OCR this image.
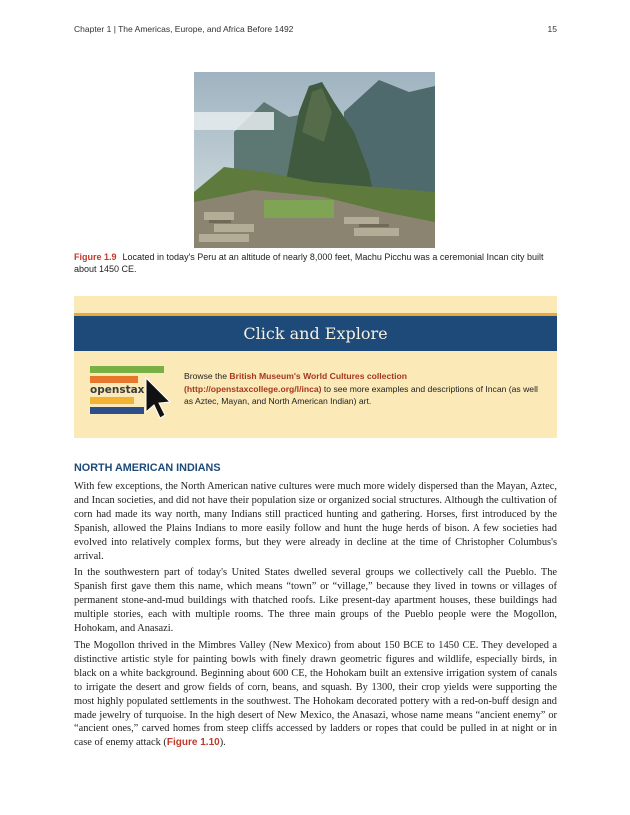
Chapter 1 | The Americas, Europe, and Africa Before 1492	15
Figure 1.9 Located in today's Peru at an altitude of nearly 8,000 feet, Machu Picchu was a ceremonial Incan city built about 1450 CE.
Click and Explore
openstax
Browse the British Museum's World Cultures collection (http://openstaxcollege.org/l/inca) to see more examples and descriptions of Incan (as well as Aztec, Mayan, and North American Indian) art.
NORTH AMERICAN INDIANS

With few exceptions, the North American native cultures were much more widely dispersed than the Mayan, Aztec, and Incan societies, and did not have their population size or organized social structures. Although the cultivation of corn had made its way north, many Indians still practiced hunting and gathering. Horses, first introduced by the Spanish, allowed the Plains Indians to more easily follow and hunt the huge herds of bison. A few societies had evolved into relatively complex forms, but they were already in decline at the time of Christopher Columbus's arrival.

In the southwestern part of today's United States dwelled several groups we collectively call the Pueblo. The Spanish first gave them this name, which means “town” or “village,” because they lived in towns or villages of permanent stone-and-mud buildings with thatched roofs. Like present-day apartment houses, these buildings had multiple stories, each with multiple rooms. The three main groups of the Pueblo people were the Mogollon, Hohokam, and Anasazi.

The Mogollon thrived in the Mimbres Valley (New Mexico) from about 150 BCE to 1450 CE. They developed a distinctive artistic style for painting bowls with finely drawn geometric figures and wildlife, especially birds, in black on a white background. Beginning about 600 CE, the Hohokam built an extensive irrigation system of canals to irrigate the desert and grow fields of corn, beans, and squash. By 1300, their crop yields were supporting the most highly populated settlements in the southwest. The Hohokam decorated pottery with a red-on-buff design and made jewelry of turquoise. In the high desert of New Mexico, the Anasazi, whose name means “ancient enemy” or “ancient ones,” carved homes from steep cliffs accessed by ladders or ropes that could be pulled in at night or in case of enemy attack (Figure 1.10).
